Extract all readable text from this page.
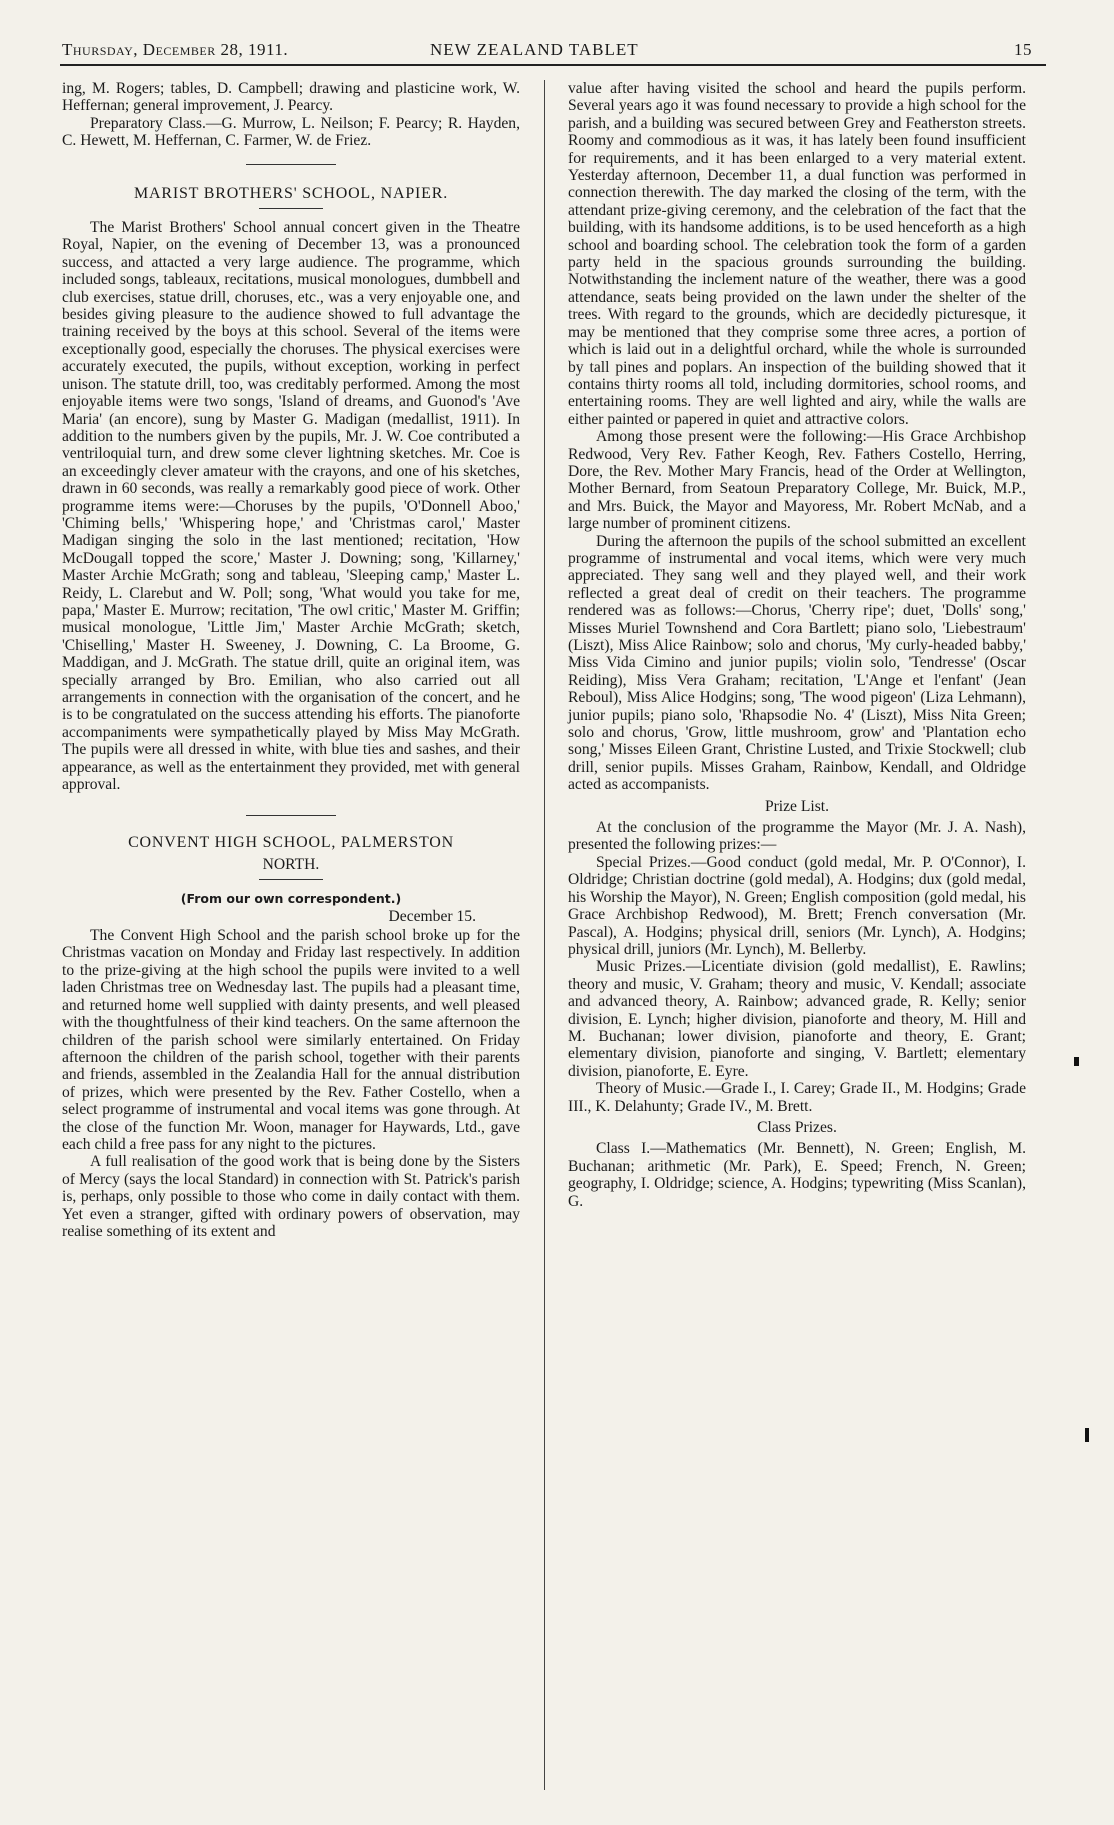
Thursday, December 28, 1911.	NEW ZEALAND TABLET	15

ing, M. Rogers; tables, D. Campbell; drawing and plasticine work, W. Heffernan; general improvement, J. Pearcy.

Preparatory Class.—G. Murrow, L. Neilson; F. Pearcy; R. Hayden, C. Hewett, M. Heffernan, C. Farmer, W. de Friez.

MARIST BROTHERS' SCHOOL, NAPIER.

The Marist Brothers' School annual concert given in the Theatre Royal, Napier, on the evening of December 13, was a pronounced success, and attacted a very large audience. The programme, which included songs, tableaux, recitations, musical monologues, dumbbell and club exercises, statue drill, choruses, etc., was a very enjoyable one, and besides giving pleasure to the audience showed to full advantage the training received by the boys at this school. Several of the items were exceptionally good, especially the choruses. The physical exercises were accurately executed, the pupils, without exception, working in perfect unison. The statute drill, too, was creditably performed. Among the most enjoyable items were two songs, 'Island of dreams, and Guonod's 'Ave Maria' (an encore), sung by Master G. Madigan (medallist, 1911). In addition to the numbers given by the pupils, Mr. J. W. Coe contributed a ventriloquial turn, and drew some clever lightning sketches. Mr. Coe is an exceedingly clever amateur with the crayons, and one of his sketches, drawn in 60 seconds, was really a remarkably good piece of work. Other programme items were:—Choruses by the pupils, 'O'Donnell Aboo,' 'Chiming bells,' 'Whispering hope,' and 'Christmas carol,' Master Madigan singing the solo in the last mentioned; recitation, 'How McDougall topped the score,' Master J. Downing; song, 'Killarney,' Master Archie McGrath; song and tableau, 'Sleeping camp,' Master L. Reidy, L. Clarebut and W. Poll; song, 'What would you take for me, papa,' Master E. Murrow; recitation, 'The owl critic,' Master M. Griffin; musical monologue, 'Little Jim,' Master Archie McGrath; sketch, 'Chiselling,' Master H. Sweeney, J. Downing, C. La Broome, G. Maddigan, and J. McGrath. The statue drill, quite an original item, was specially arranged by Bro. Emilian, who also carried out all arrangements in connection with the organisation of the concert, and he is to be congratulated on the success attending his efforts. The pianoforte accompaniments were sympathetically played by Miss May McGrath. The pupils were all dressed in white, with blue ties and sashes, and their appearance, as well as the entertainment they provided, met with general approval.

CONVENT HIGH SCHOOL, PALMERSTON
NORTH.
(From our own correspondent.)
December 15.

The Convent High School and the parish school broke up for the Christmas vacation on Monday and Friday last respectively. In addition to the prize-giving at the high school the pupils were invited to a well laden Christmas tree on Wednesday last. The pupils had a pleasant time, and returned home well supplied with dainty presents, and well pleased with the thoughtfulness of their kind teachers. On the same afternoon the children of the parish school were similarly entertained. On Friday afternoon the children of the parish school, together with their parents and friends, assembled in the Zealandia Hall for the annual distribution of prizes, which were presented by the Rev. Father Costello, when a select programme of instrumental and vocal items was gone through. At the close of the function Mr. Woon, manager for Haywards, Ltd., gave each child a free pass for any night to the pictures.

A full realisation of the good work that is being done by the Sisters of Mercy (says the local Standard) in connection with St. Patrick's parish is, perhaps, only possible to those who come in daily contact with them. Yet even a stranger, gifted with ordinary powers of observation, may realise something of its extent and

value after having visited the school and heard the pupils perform. Several years ago it was found necessary to provide a high school for the parish, and a building was secured between Grey and Featherston streets. Roomy and commodious as it was, it has lately been found insufficient for requirements, and it has been enlarged to a very material extent. Yesterday afternoon, December 11, a dual function was performed in connection therewith. The day marked the closing of the term, with the attendant prize-giving ceremony, and the celebration of the fact that the building, with its handsome additions, is to be used henceforth as a high school and boarding school. The celebration took the form of a garden party held in the spacious grounds surrounding the building. Notwithstanding the inclement nature of the weather, there was a good attendance, seats being provided on the lawn under the shelter of the trees. With regard to the grounds, which are decidedly picturesque, it may be mentioned that they comprise some three acres, a portion of which is laid out in a delightful orchard, while the whole is surrounded by tall pines and poplars. An inspection of the building showed that it contains thirty rooms all told, including dormitories, school rooms, and entertaining rooms. They are well lighted and airy, while the walls are either painted or papered in quiet and attractive colors.

Among those present were the following:—His Grace Archbishop Redwood, Very Rev. Father Keogh, Rev. Fathers Costello, Herring, Dore, the Rev. Mother Mary Francis, head of the Order at Wellington, Mother Bernard, from Seatoun Preparatory College, Mr. Buick, M.P., and Mrs. Buick, the Mayor and Mayoress, Mr. Robert McNab, and a large number of prominent citizens.

During the afternoon the pupils of the school submitted an excellent programme of instrumental and vocal items, which were very much appreciated. They sang well and they played well, and their work reflected a great deal of credit on their teachers. The programme rendered was as follows:—Chorus, 'Cherry ripe'; duet, 'Dolls' song,' Misses Muriel Townshend and Cora Bartlett; piano solo, 'Liebestraum' (Liszt), Miss Alice Rainbow; solo and chorus, 'My curly-headed babby,' Miss Vida Cimino and junior pupils; violin solo, 'Tendresse' (Oscar Reiding), Miss Vera Graham; recitation, 'L'Ange et l'enfant' (Jean Reboul), Miss Alice Hodgins; song, 'The wood pigeon' (Liza Lehmann), junior pupils; piano solo, 'Rhapsodie No. 4' (Liszt), Miss Nita Green; solo and chorus, 'Grow, little mushroom, grow' and 'Plantation echo song,' Misses Eileen Grant, Christine Lusted, and Trixie Stockwell; club drill, senior pupils. Misses Graham, Rainbow, Kendall, and Oldridge acted as accompanists.

Prize List.

At the conclusion of the programme the Mayor (Mr. J. A. Nash), presented the following prizes:—

Special Prizes.—Good conduct (gold medal, Mr. P. O'Connor), I. Oldridge; Christian doctrine (gold medal), A. Hodgins; dux (gold medal, his Worship the Mayor), N. Green; English composition (gold medal, his Grace Archbishop Redwood), M. Brett; French conversation (Mr. Pascal), A. Hodgins; physical drill, seniors (Mr. Lynch), A. Hodgins; physical drill, juniors (Mr. Lynch), M. Bellerby.

Music Prizes.—Licentiate division (gold medallist), E. Rawlins; theory and music, V. Graham; theory and music, V. Kendall; associate and advanced theory, A. Rainbow; advanced grade, R. Kelly; senior division, E. Lynch; higher division, pianoforte and theory, M. Hill and M. Buchanan; lower division, pianoforte and theory, E. Grant; elementary division, pianoforte and singing, V. Bartlett; elementary division, pianoforte, E. Eyre.

Theory of Music.—Grade I., I. Carey; Grade II., M. Hodgins; Grade III., K. Delahunty; Grade IV., M. Brett.

Class Prizes.

Class I.—Mathematics (Mr. Bennett), N. Green; English, M. Buchanan; arithmetic (Mr. Park), E. Speed; French, N. Green; geography, I. Oldridge; science, A. Hodgins; typewriting (Miss Scanlan), G.
